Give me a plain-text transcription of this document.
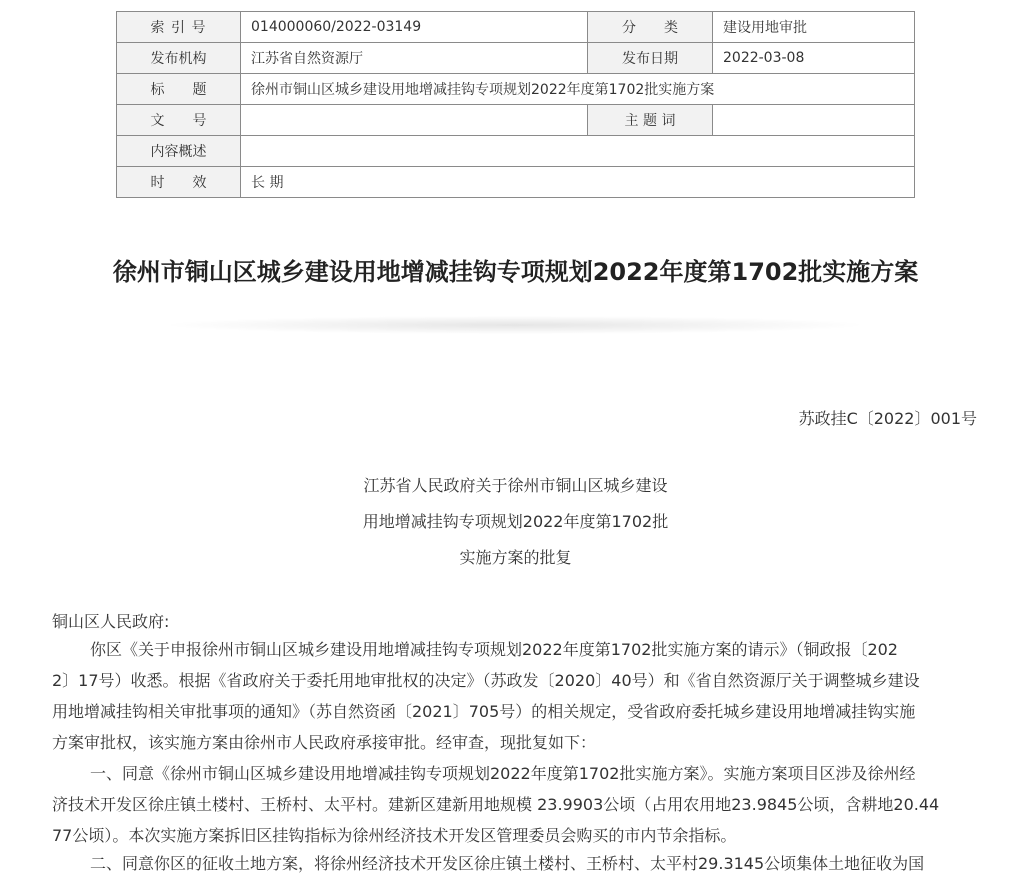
索 引 号	014000060/2022-03149	分　　类	建设用地审批
发布机构	江苏省自然资源厅	发布日期	2022-03-08
标　　题	徐州市铜山区城乡建设用地增减挂钩专项规划2022年度第1702批实施方案		
文　　号		主 题 词	
内容概述			
时　　效	长 期		
徐州市铜山区城乡建设用地增减挂钩专项规划2022年度第1702批实施方案
苏政挂C〔2022〕001号
江苏省人民政府关于徐州市铜山区城乡建设
用地增减挂钩专项规划2022年度第1702批
实施方案的批复
铜山区人民政府:
你区《关于申报徐州市铜山区城乡建设用地增减挂钩专项规划2022年度第1702批实施方案的请示》（铜政报〔202
2〕17号）收悉。根据《省政府关于委托用地审批权的决定》（苏政发〔2020〕40号）和《省自然资源厅关于调整城乡建设
用地增减挂钩相关审批事项的通知》（苏自然资函〔2021〕705号）的相关规定，受省政府委托城乡建设用地增减挂钩实施
方案审批权，该实施方案由徐州市人民政府承接审批。经审查，现批复如下：
一、同意《徐州市铜山区城乡建设用地增减挂钩专项规划2022年度第1702批实施方案》。实施方案项目区涉及徐州经
济技术开发区徐庄镇土楼村、王桥村、太平村。建新区建新用地规模 23.9903公顷（占用农用地23.9845公顷，含耕地20.44
77公顷）。本次实施方案拆旧区挂钩指标为徐州经济技术开发区管理委员会购买的市内节余指标。
二、同意你区的征收土地方案，将徐州经济技术开发区徐庄镇土楼村、王桥村、太平村29.3145公顷集体土地征收为国
